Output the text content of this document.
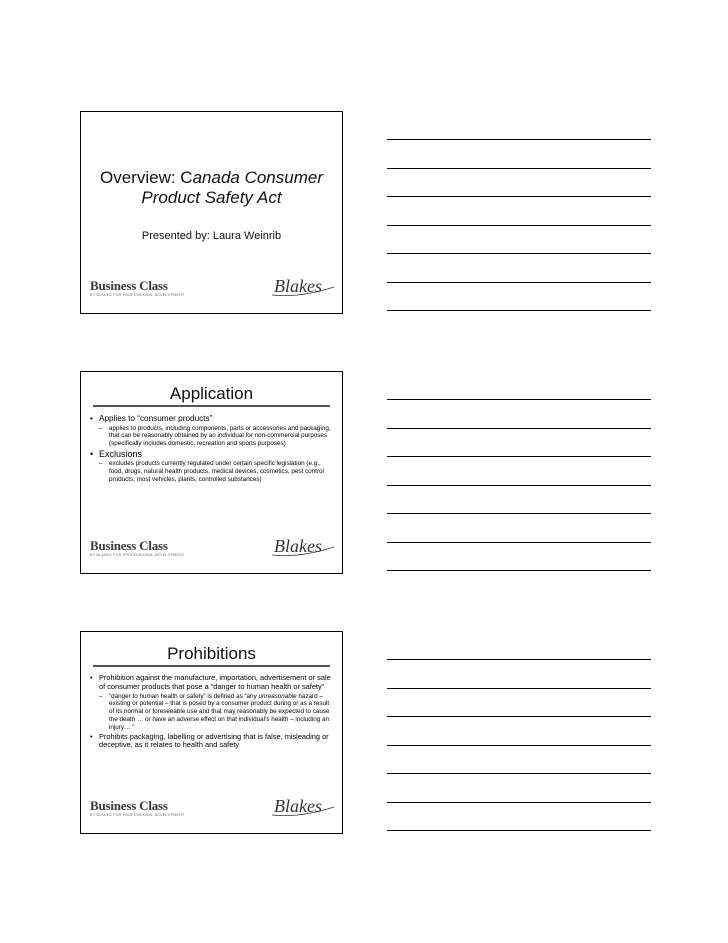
Overview: Canada Consumer
Product Safety Act
Presented by: Laura Weinrib
Business Class
BY BLAKES FOR PROFESSIONAL DEVELOPMENT	Blakes
Application
• Applies to “consumer products”
– applies to products, including components, parts or accessories and packaging, that can be reasonably obtained by an individual for non-commercial purposes (specifically includes domestic, recreation and sports purposes)
• Exclusions
– excludes products currently regulated under certain specific legislation (e.g., food, drugs, natural health products, medical devices, cosmetics, pest control products, most vehicles, plants, controlled substances)
Business Class
BY BLAKES FOR PROFESSIONAL DEVELOPMENT	Blakes
Prohibitions
• Prohibition against the manufacture, importation, advertisement or sale of consumer products that pose a “danger to human health or safety”
– “danger to human health or safety” is defined as “any unreasonable hazard – existing or potential – that is posed by a consumer product during or as a result of its normal or foreseeable use and that may reasonably be expected to cause the death … or have an adverse effect on that individual’s health – including an injury… ”
• Prohibits packaging, labelling or advertising that is false, misleading or deceptive, as it relates to health and safety
Business Class
BY BLAKES FOR PROFESSIONAL DEVELOPMENT	Blakes
